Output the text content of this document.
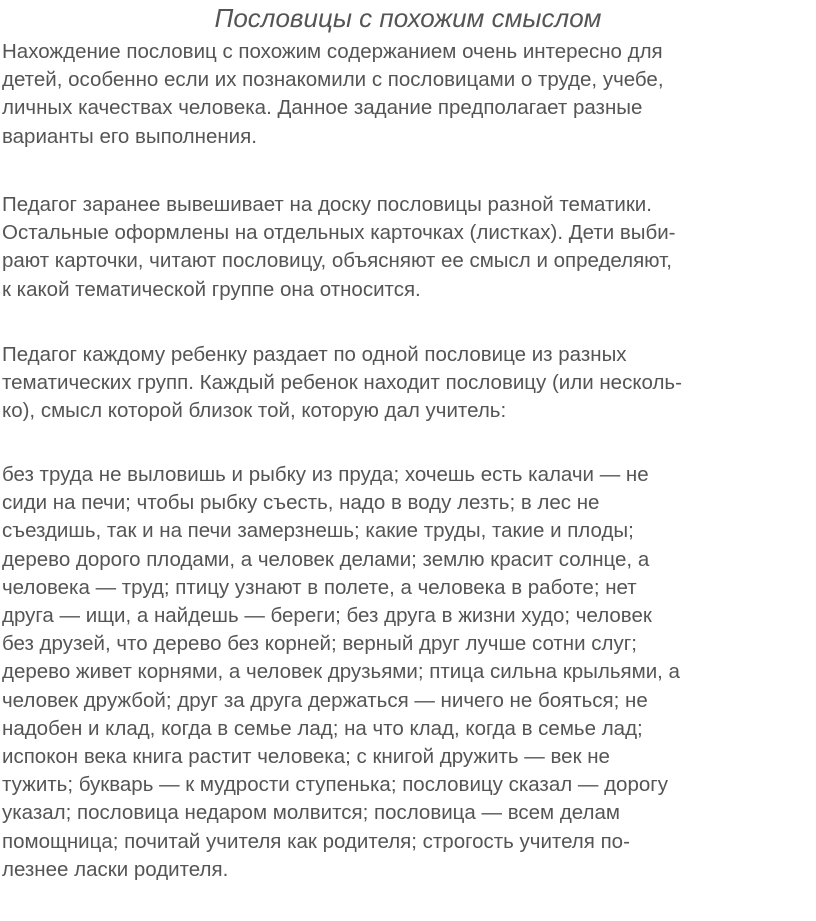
Пословицы с похожим смыслом

Нахождение пословиц с похожим содержанием очень интересно для
детей, особенно если их познакомили с пословицами о труде, учебе,
личных качествах человека. Данное задание предполагает разные
варианты его выполнения.

Педагог заранее вывешивает на доску пословицы разной тематики.
Остальные оформлены на отдельных карточках (листках). Дети выби-
рают карточки, читают пословицу, объясняют ее смысл и определяют,
к какой тематической группе она относится.

Педагог каждому ребенку раздает по одной пословице из разных
тематических групп. Каждый ребенок находит пословицу (или несколь-
ко), смысл которой близок той, которую дал учитель:

без труда не выловишь и рыбку из пруда; хочешь есть калачи — не
сиди на печи; чтобы рыбку съесть, надо в воду лезть; в лес не
съездишь, так и на печи замерзнешь; какие труды, такие и плоды;
дерево дорого плодами, а человек делами; землю красит солнце, а
человека — труд; птицу узнают в полете, а человека в работе; нет
друга — ищи, а найдешь — береги; без друга в жизни худо; человек
без друзей, что дерево без корней; верный друг лучше сотни слуг;
дерево живет корнями, а человек друзьями; птица сильна крыльями, а
человек дружбой; друг за друга держаться — ничего не бояться; не
надобен и клад, когда в семье лад; на что клад, когда в семье лад;
испокон века книга растит человека; с книгой дружить — век не
тужить; букварь — к мудрости ступенька; пословицу сказал — дорогу
указал; пословица недаром молвится; пословица — всем делам
помощница; почитай учителя как родителя; строгость учителя по-
лезнее ласки родителя.
